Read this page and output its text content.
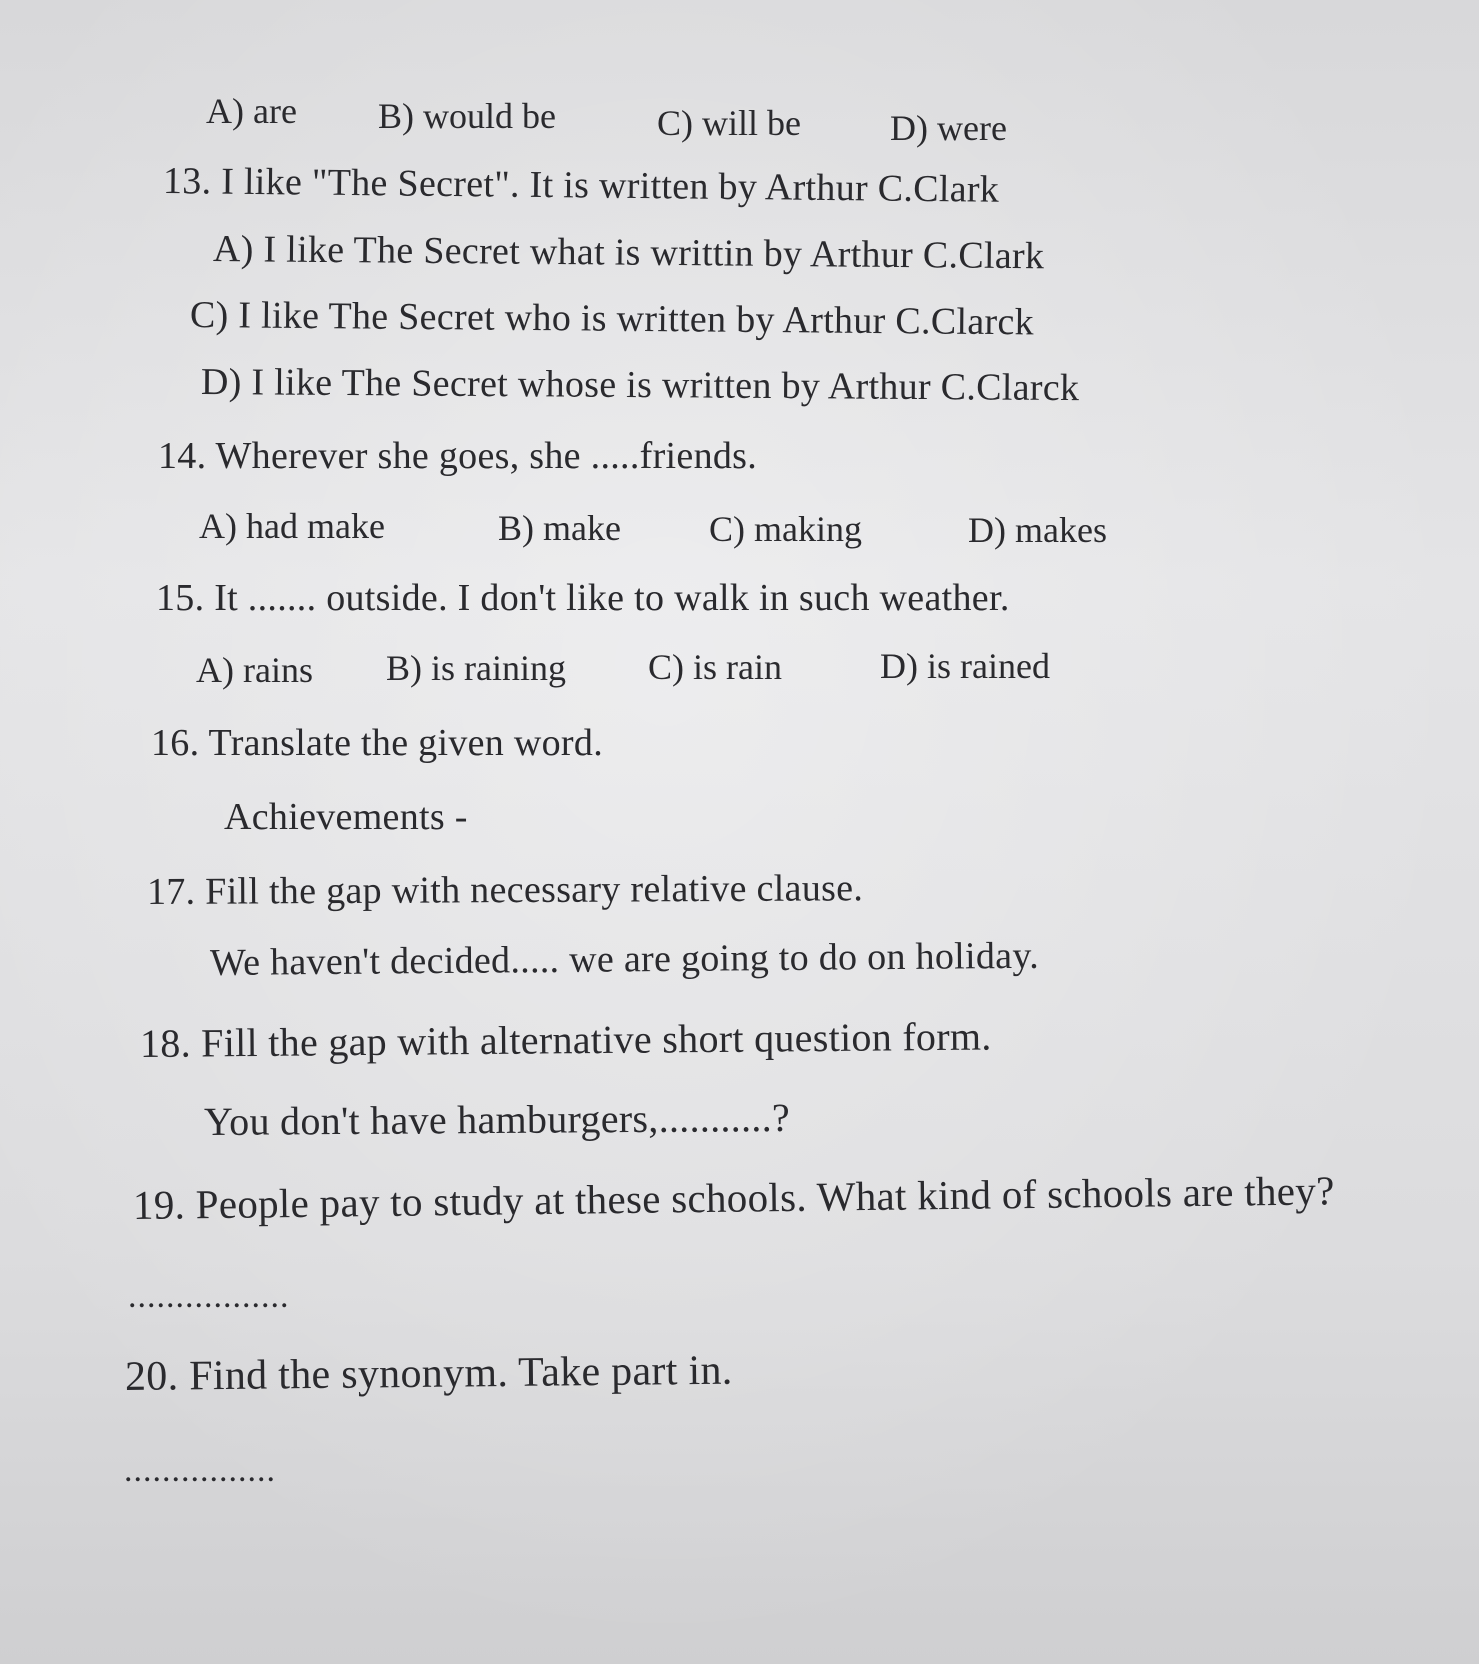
A) are B) would be	C) will be D) were
13. I like "The Secret". It is written by Arthur C.Clark
A) I like The Secret what is writtin by Arthur C.Clark
C) I like The Secret who is written by Arthur C.Clarck
D) I like The Secret whose is written by Arthur C.Clarck
14. Wherever she goes, she .....friends.
A) had make	B) make C) making	D) makes
15. It ....... outside. I don't like to walk in such weather.
A) rains B) is raining C) is rain	D) is rained
16. Translate the given word.
Achievements -
17. Fill the gap with necessary relative clause.
We haven't decided..... we are going to do on holiday.
18. Fill the gap with alternative short question form.
You don't have hamburgers,...........?
19. People pay to study at these schools. What kind of schools are they?
.................
20. Find the synonym. Take part in.
................
